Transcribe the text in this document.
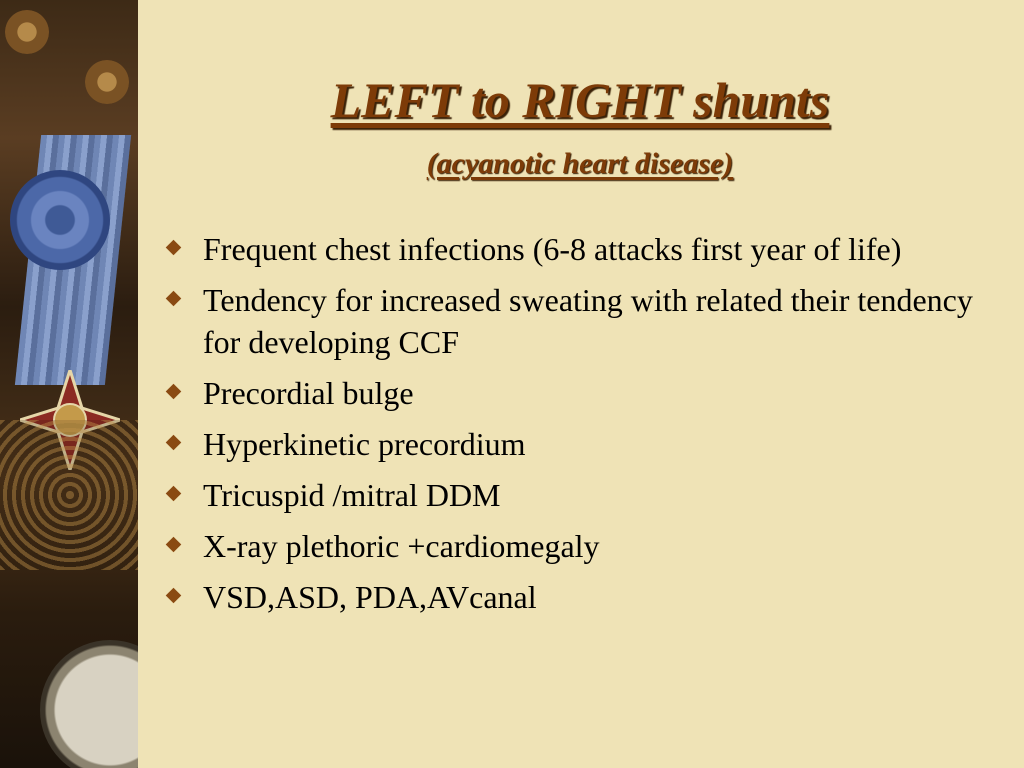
LEFT to RIGHT shunts
(acyanotic heart disease)
Frequent chest infections (6-8 attacks first year of life)
Tendency for increased sweating with related their tendency for developing CCF
Precordial bulge
Hyperkinetic precordium
Tricuspid /mitral DDM
X-ray plethoric +cardiomegaly
VSD,ASD, PDA,AVcanal
